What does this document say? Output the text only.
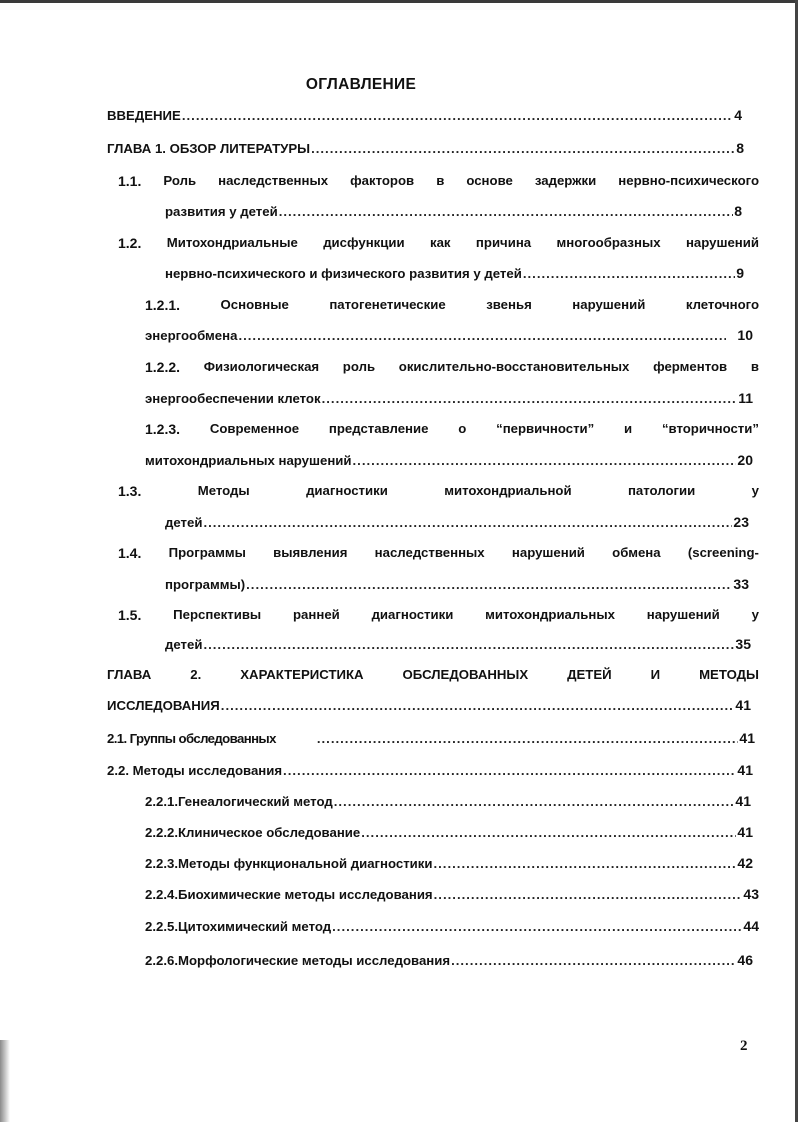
ОГЛАВЛЕНИЕ
ВВЕДЕНИЕ .....	4
ГЛАВА 1. ОБЗОР ЛИТЕРАТУРЫ .....	8
1.1. Роль наследственных факторов в основе задержки нервно-психического
развития у детей .....	8
1.2. Митохондриальные дисфункции как причина многообразных нарушений
нервно-психического и физического развития у детей .....	9
1.2.1.	Основные	патогенетические	звенья	нарушений	клеточного
энергообмена .....	10
1.2.2. Физиологическая роль окислительно-восстановительных ферментов в
энергообеспечении клеток .....	11
1.2.3. Современное представление о “первичности” и “вторичности”
митохондриальных нарушений .....	20
1.3.	Методы	диагностики	митохондриальной	патологии	у
детей .....	23
1.4. Программы выявления наследственных нарушений обмена (screening-
программы) .....	33
1.5. Перспективы ранней диагностики митохондриальных нарушений у
детей .....	35
ГЛАВА	2.	ХАРАКТЕРИСТИКА	ОБСЛЕДОВАННЫХ	ДЕТЕЙ	И	МЕТОДЫ
ИССЛЕДОВАНИЯ .....	41
2.1. Группы обследованных .....	41
2.2. Методы исследования .....	41
2.2.1.Генеалогический метод .....	41
2.2.2.Клиническое обследование .....	41
2.2.3.Методы функциональной диагностики .....	42
2.2.4.Биохимические методы исследования .....	43
2.2.5.Цитохимический метод .....	44
2.2.6.Морфологические методы исследования .....	46
2
